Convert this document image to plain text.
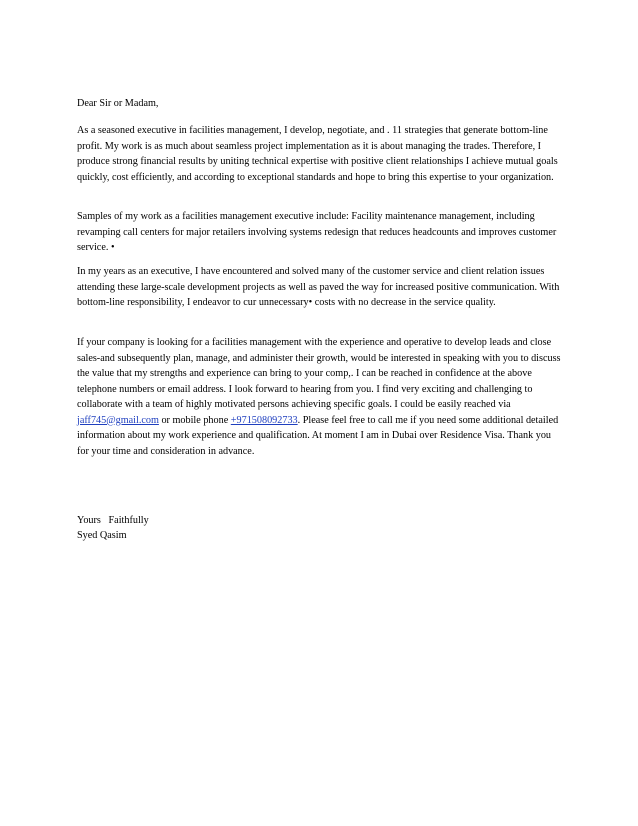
Dear Sir or Madam,

As a seasoned executive in facilities management, I develop, negotiate, and . 11 strategies that generate bottom-line profit. My work is as much about seamless project implementation as it is about managing the trades. Therefore, I produce strong financial results by uniting technical expertise with positive client relationships I achieve mutual goals quickly, cost efficiently, and according to exceptional standards and hope to bring this expertise to your organization.

Samples of my work as a facilities management executive include: Facility maintenance management, including revamping call centers for major retailers involving systems redesign that reduces headcounts and improves customer service. •

In my years as an executive, I have encountered and solved many of the customer service and client relation issues attending these large-scale development projects as well as paved the way for increased positive communication. With bottom-line responsibility, I endeavor to cur unnecessary• costs with no decrease in the service quality.

If your company is looking for a facilities management with the experience and operative to develop leads and close sales-and subsequently plan, manage, and administer their growth, would be interested in speaking with you to discuss the value that my strengths and experience can bring to your comp,. I can be reached in confidence at the above telephone numbers or email address. I look forward to hearing from you. I find very exciting and challenging to collaborate with a team of highly motivated persons achieving specific goals. I could be easily reached via jaff745@gmail.com or mobile phone +971508092733. Please feel free to call me if you need some additional detailed information about my work experience and qualification. At moment I am in Dubai over Residence Visa. Thank you for your time and consideration in advance.

Yours   Faithfully

Syed Qasim
